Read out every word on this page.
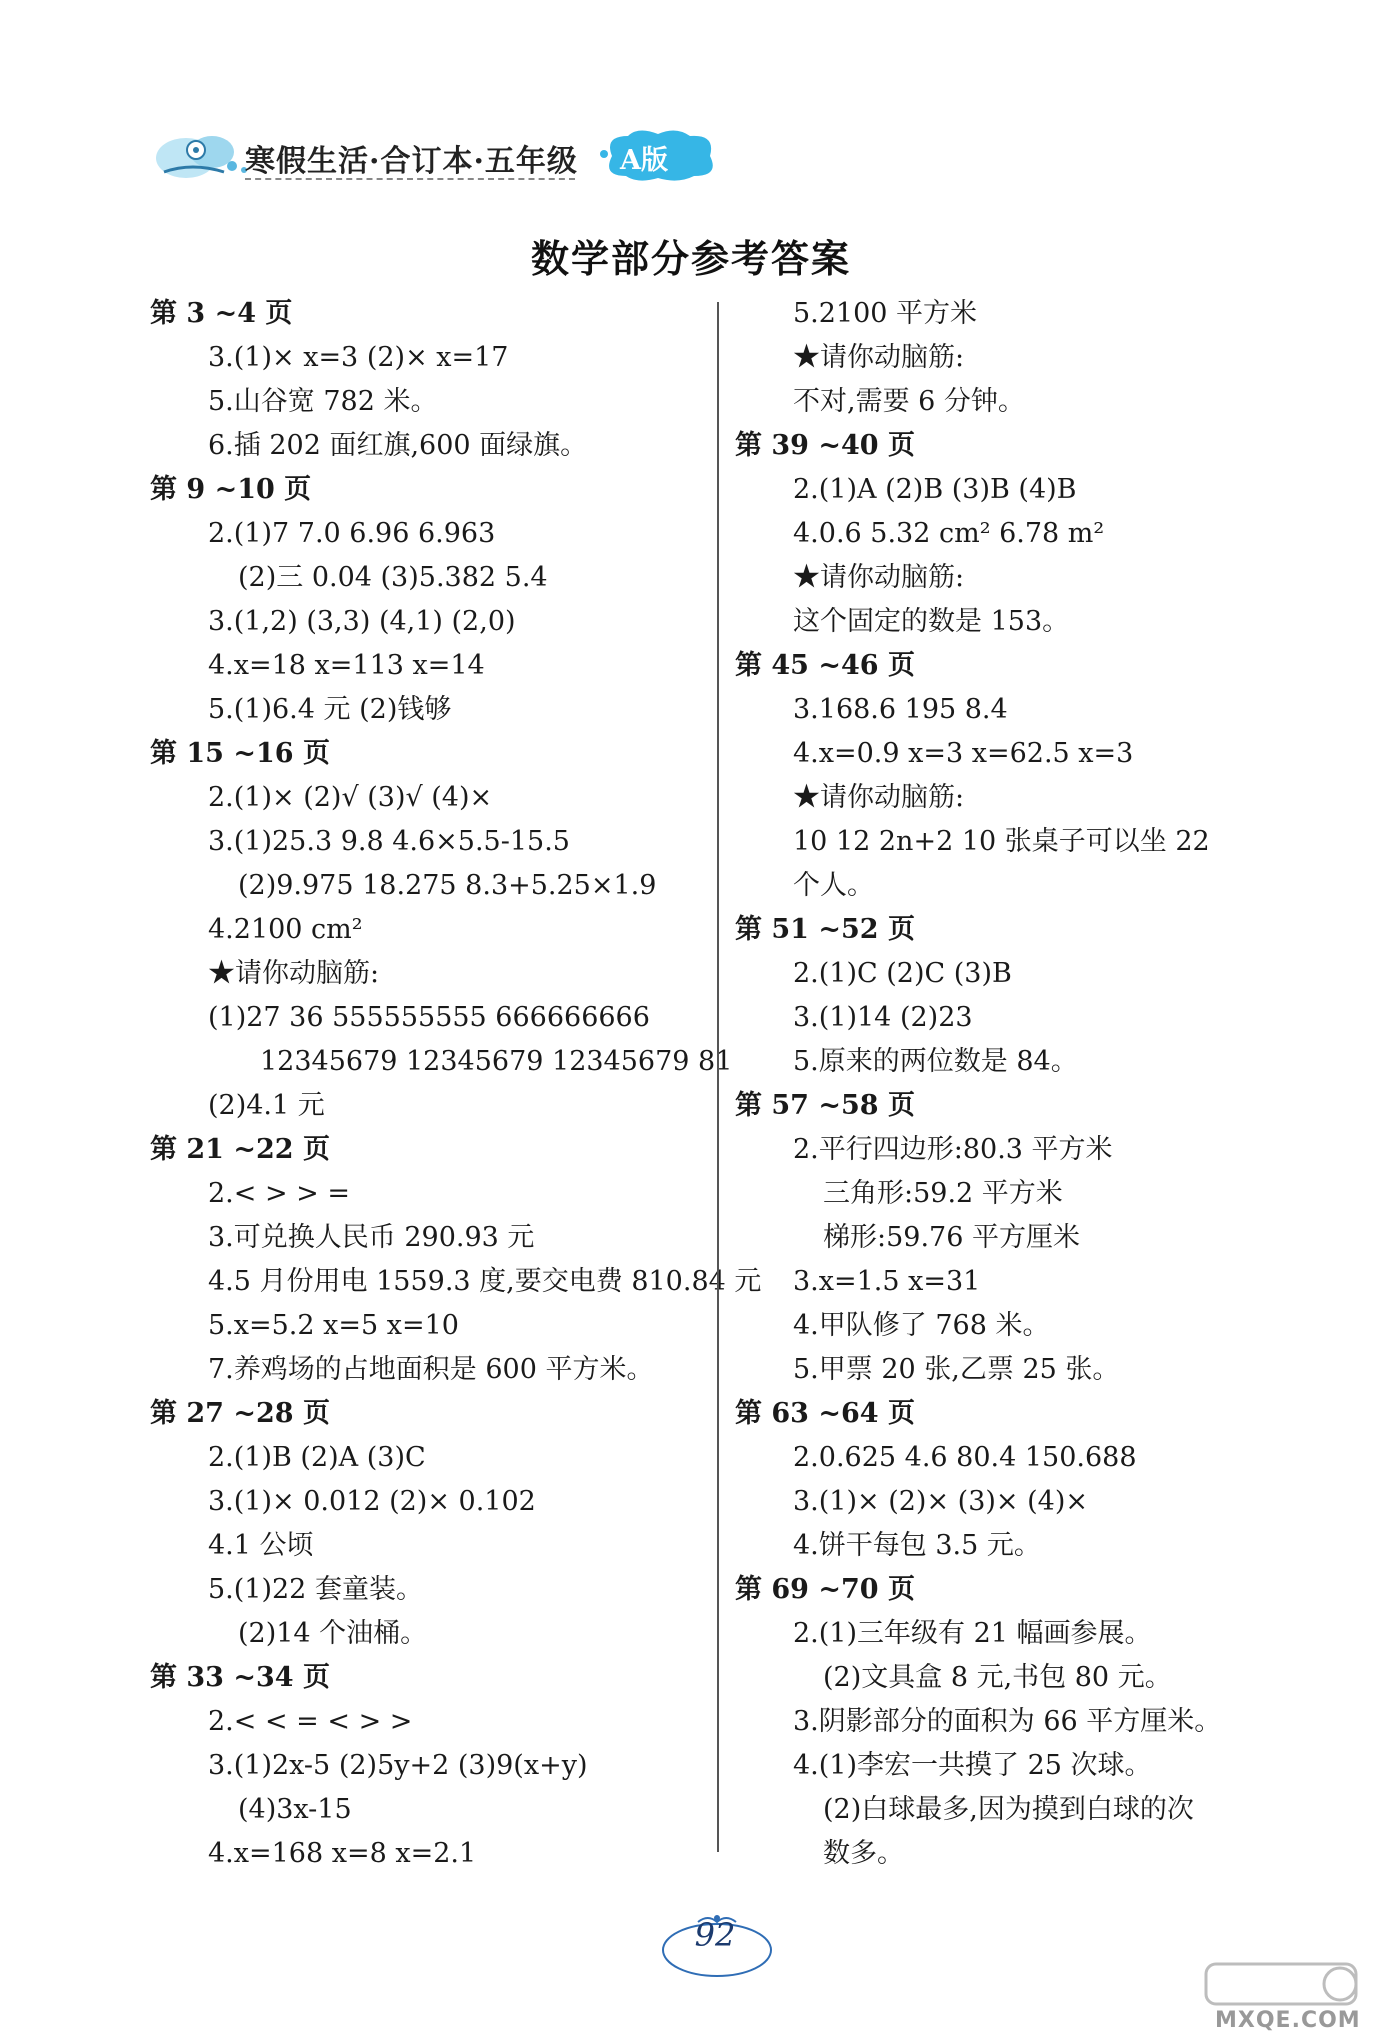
寒假生活·合订本·五年级 A版
数学部分参考答案
第 3 ~4 页
3.(1)× x=3 (2)× x=17
5.山谷宽 782 米。
6.插 202 面红旗,600 面绿旗。
第 9 ~10 页
2.(1)7 7.0 6.96 6.963
(2)三 0.04 (3)5.382 5.4
3.(1,2) (3,3) (4,1) (2,0)
4.x=18 x=113 x=14
5.(1)6.4 元 (2)钱够
第 15 ~16 页
2.(1)× (2)√ (3)√ (4)×
3.(1)25.3 9.8 4.6×5.5-15.5
(2)9.975 18.275 8.3+5.25×1.9
4.2100 cm²
★请你动脑筋:
(1)27 36 555555555 666666666
12345679 12345679 12345679 81
(2)4.1 元
第 21 ~22 页
2.< > > =
3.可兑换人民币 290.93 元
4.5 月份用电 1559.3 度,要交电费 810.84 元
5.x=5.2 x=5 x=10
7.养鸡场的占地面积是 600 平方米。
第 27 ~28 页
2.(1)B (2)A (3)C
3.(1)× 0.012 (2)× 0.102
4.1 公顷
5.(1)22 套童装。
(2)14 个油桶。
第 33 ~34 页
2.< < = < > >
3.(1)2x-5 (2)5y+2 (3)9(x+y)
(4)3x-15
4.x=168 x=8 x=2.1
5.2100 平方米
★请你动脑筋:
不对,需要 6 分钟。
第 39 ~40 页
2.(1)A (2)B (3)B (4)B
4.0.6 5.32 cm² 6.78 m²
★请你动脑筋:
这个固定的数是 153。
第 45 ~46 页
3.168.6 195 8.4
4.x=0.9 x=3 x=62.5 x=3
★请你动脑筋:
10 12 2n+2 10 张桌子可以坐 22
个人。
第 51 ~52 页
2.(1)C (2)C (3)B
3.(1)14 (2)23
5.原来的两位数是 84。
第 57 ~58 页
2.平行四边形:80.3 平方米
三角形:59.2 平方米
梯形:59.76 平方厘米
3.x=1.5 x=31
4.甲队修了 768 米。
5.甲票 20 张,乙票 25 张。
第 63 ~64 页
2.0.625 4.6 80.4 150.688
3.(1)× (2)× (3)× (4)×
4.饼干每包 3.5 元。
第 69 ~70 页
2.(1)三年级有 21 幅画参展。
(2)文具盒 8 元,书包 80 元。
3.阴影部分的面积为 66 平方厘米。
4.(1)李宏一共摸了 25 次球。
(2)白球最多,因为摸到白球的次
数多。
92
MXQE.COM
